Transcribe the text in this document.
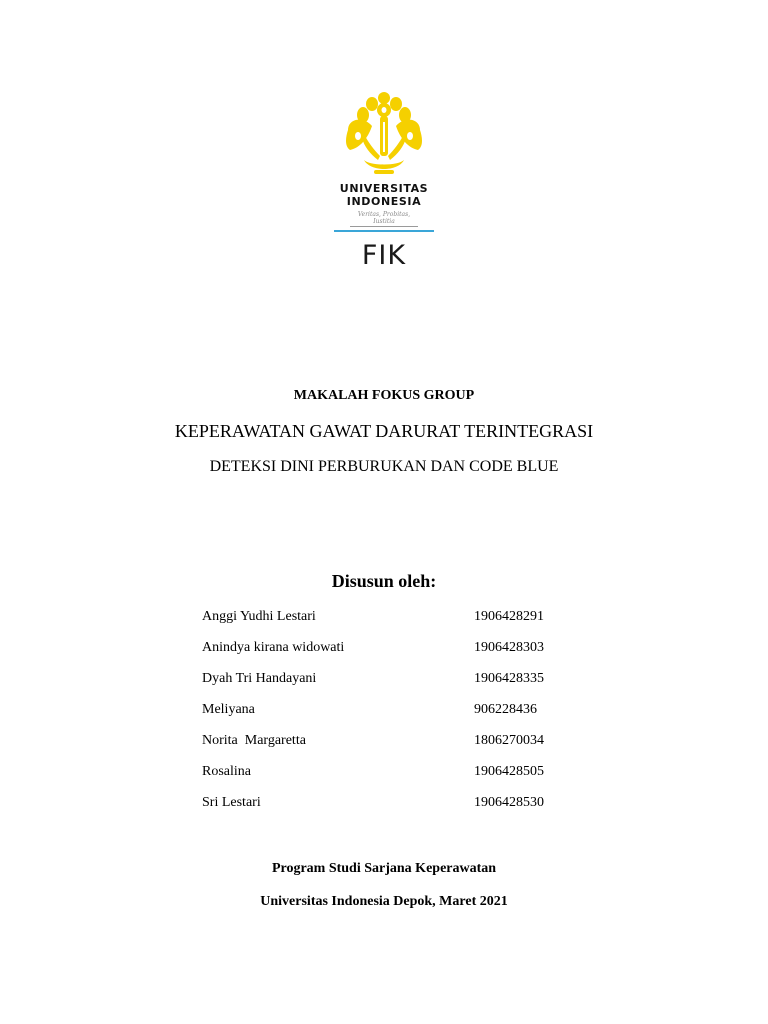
UNIVERSITAS
INDONESIA
Veritas, Probitas, Iustitia
FIK
MAKALAH FOKUS GROUP
KEPERAWATAN GAWAT DARURAT TERINTEGRASI
DETEKSI DINI PERBURUKAN DAN CODE BLUE
Disusun oleh:
Anggi Yudhi Lestari	1906428291
Anindya kirana widowati	1906428303
Dyah Tri Handayani	1906428335
Meliyana	906228436
Norita  Margaretta	1806270034
Rosalina	1906428505
Sri Lestari	1906428530
Program Studi Sarjana Keperawatan
Universitas Indonesia Depok, Maret 2021
